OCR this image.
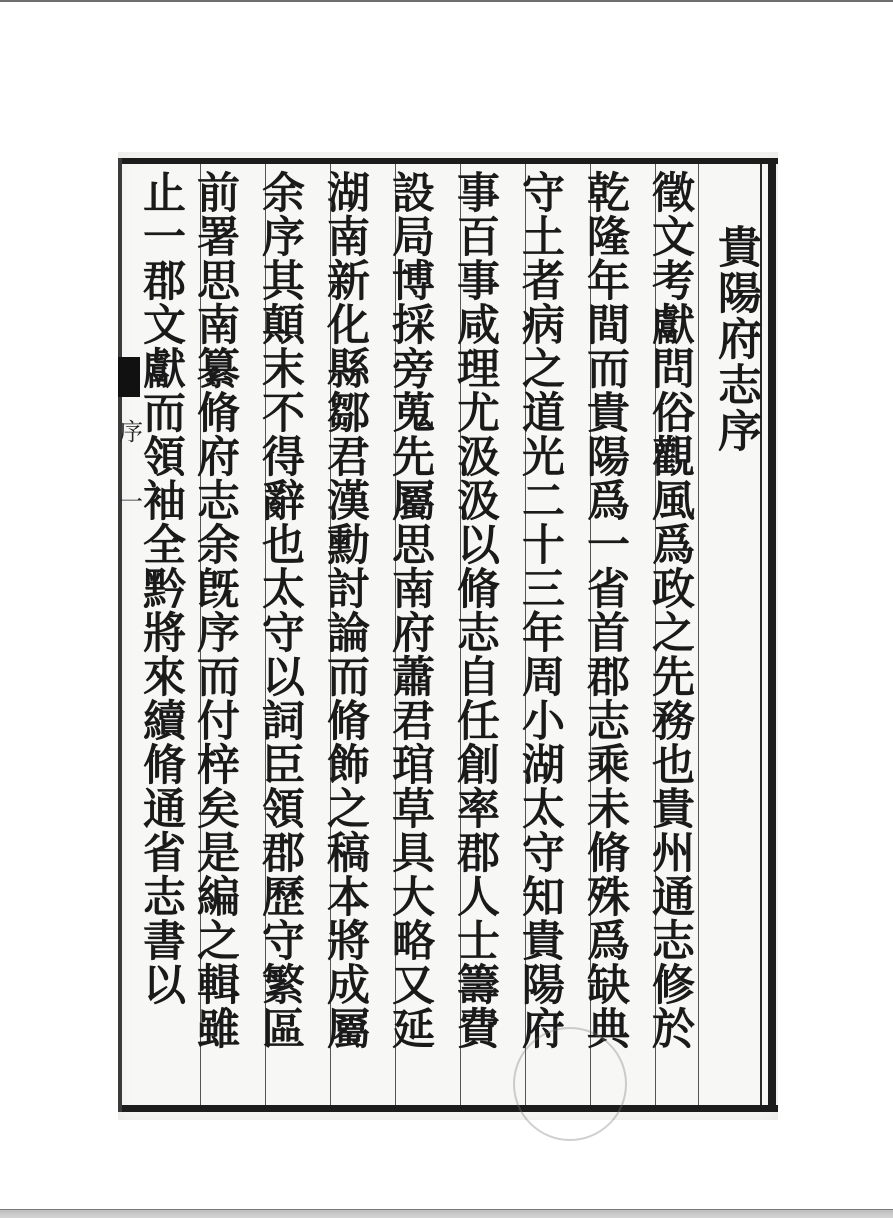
序
一
貴陽府志序
徵文考獻問俗觀風爲政之先務也貴州通志修於
乾隆年間而貴陽爲一省首郡志乘未脩殊爲缺典
守土者病之道光二十三年周小湖太守知貴陽府
事百事咸理尤汲汲以脩志自任創率郡人士籌費
設局博採旁蒐先屬思南府蕭君琯草具大略又延
湖南新化縣鄒君漢勳討論而脩飾之稿本將成屬
余序其顛末不得辭也太守以詞臣領郡歷守繁區
前署思南纂脩府志余旣序而付梓矣是編之輯雖
止一郡文獻而領袖全黔將來續脩通省志書以
